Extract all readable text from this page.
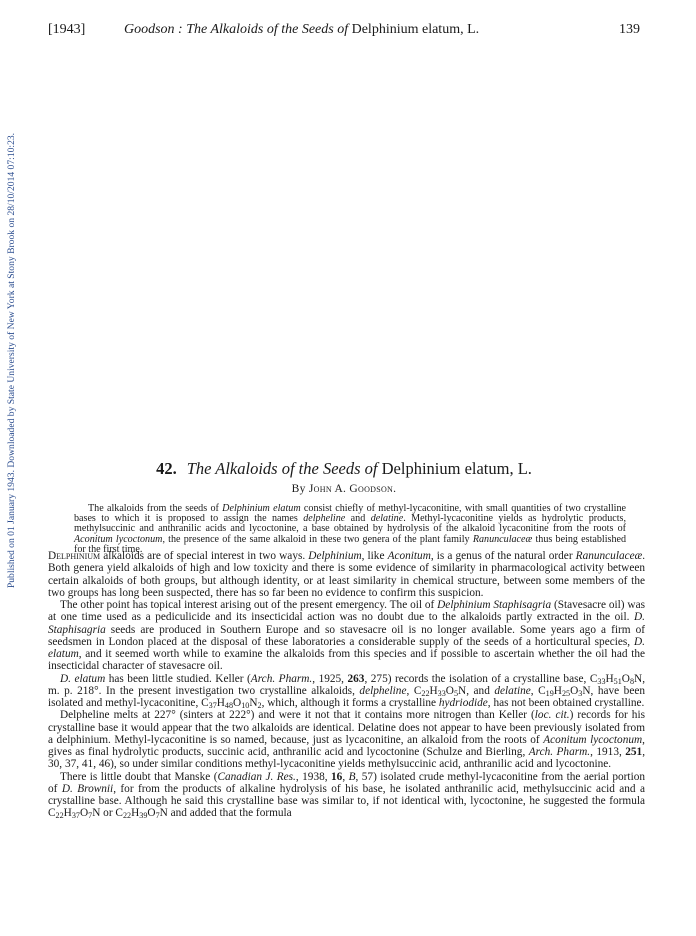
Published on 01 January 1943. Downloaded by State University of New York at Stony Brook on 28/10/2014 07:10:23.
[1943]	Goodson : The Alkaloids of the Seeds of Delphinium elatum, L.	139
42. The Alkaloids of the Seeds of Delphinium elatum, L.
By John A. Goodson.

The alkaloids from the seeds of Delphinium elatum consist chiefly of methyl-lycaconitine, with small quantities of two crystalline bases to which it is proposed to assign the names delpheline and delatine. Methyl-lycaconitine yields as hydrolytic products, methylsuccinic and anthranilic acids and lycoctonine, a base obtained by hydrolysis of the alkaloid lycaconitine from the roots of Aconitum lycoctonum, the presence of the same alkaloid in these two genera of the plant family Ranunculaceæ thus being established for the first time.

Delphinium alkaloids are of special interest in two ways. Delphinium, like Aconitum, is a genus of the natural order Ranunculaceæ. Both genera yield alkaloids of high and low toxicity and there is some evidence of similarity in pharmacological activity between certain alkaloids of both groups, but although identity, or at least similarity in chemical structure, between some members of the two groups has long been suspected, there has so far been no evidence to confirm this suspicion.

The other point has topical interest arising out of the present emergency. The oil of Delphinium Staphisagria (Stavesacre oil) was at one time used as a pediculicide and its insecticidal action was no doubt due to the alkaloids partly extracted in the oil. D. Staphisagria seeds are produced in Southern Europe and so stavesacre oil is no longer available. Some years ago a firm of seedsmen in London placed at the disposal of these laboratories a considerable supply of the seeds of a horticultural species, D. elatum, and it seemed worth while to examine the alkaloids from this species and if possible to ascertain whether the oil had the insecticidal character of stavesacre oil.

D. elatum has been little studied. Keller (Arch. Pharm., 1925, 263, 275) records the isolation of a crystalline base, $C_{33}H_{51}O_8N$, m. p. 218°. In the present investigation two crystalline alkaloids, delpheline, $C_{22}H_{33}O_5N$, and delatine, $C_{19}H_{25}O_3N$, have been isolated and methyl-lycaconitine, $C_{37}H_{48}O_{10}N_2$, which, although it forms a crystalline hydriodide, has not been obtained crystalline.

Delpheline melts at 227° (sinters at 222°) and were it not that it contains more nitrogen than Keller (loc. cit.) records for his crystalline base it would appear that the two alkaloids are identical. Delatine does not appear to have been previously isolated from a delphinium. Methyl-lycaconitine is so named, because, just as lycaconitine, an alkaloid from the roots of Aconitum lycoctonum, gives as final hydrolytic products, succinic acid, anthranilic acid and lycoctonine (Schulze and Bierling, Arch. Pharm., 1913, 251, 30, 37, 41, 46), so under similar conditions methyl-lycaconitine yields methylsuccinic acid, anthranilic acid and lycoctonine.

There is little doubt that Manske (Canadian J. Res., 1938, 16, B, 57) isolated crude methyl-lycaconitine from the aerial portion of D. Brownii, for from the products of alkaline hydrolysis of his base, he isolated anthranilic acid, methylsuccinic acid and a crystalline base. Although he said this crystalline base was similar to, if not identical with, lycoctonine, he suggested the formula $C_{22}H_{37}O_7N$ or $C_{22}H_{39}O_7N$ and added that the formula
